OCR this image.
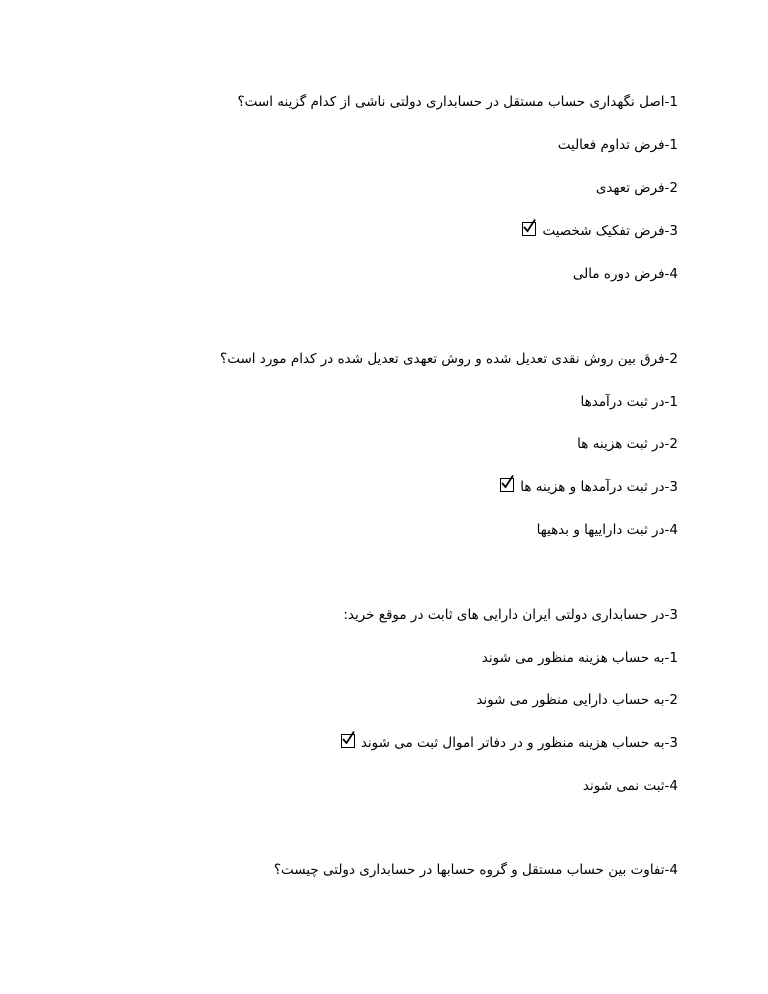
1-اصل نگهداری حساب مستقل در حسابداری دولتی ناشی از کدام گزینه است؟
1-فرض تداوم فعالیت
2-فرض تعهدی
3-فرض تفکیک شخصیت
4-فرض دوره مالی
2-فرق بین روش نقدی تعدیل شده و روش تعهدی تعدیل شده در کدام مورد است؟
1-در ثبت درآمدها
2-در ثبت هزینه ها
3-در ثبت درآمدها و هزینه ها
4-در ثبت داراییها و بدهیها
3-در حسابداری دولتی ایران دارایی های ثابت در موقع خرید:
1-به حساب هزینه منظور می شوند
2-به حساب دارایی منظور می شوند
3-به حساب هزینه منظور و در دفاتر اموال ثبت می شوند
4-ثبت نمی شوند
4-تفاوت بین حساب مستقل و گروه حسابها در حسابداری دولتی چیست؟
